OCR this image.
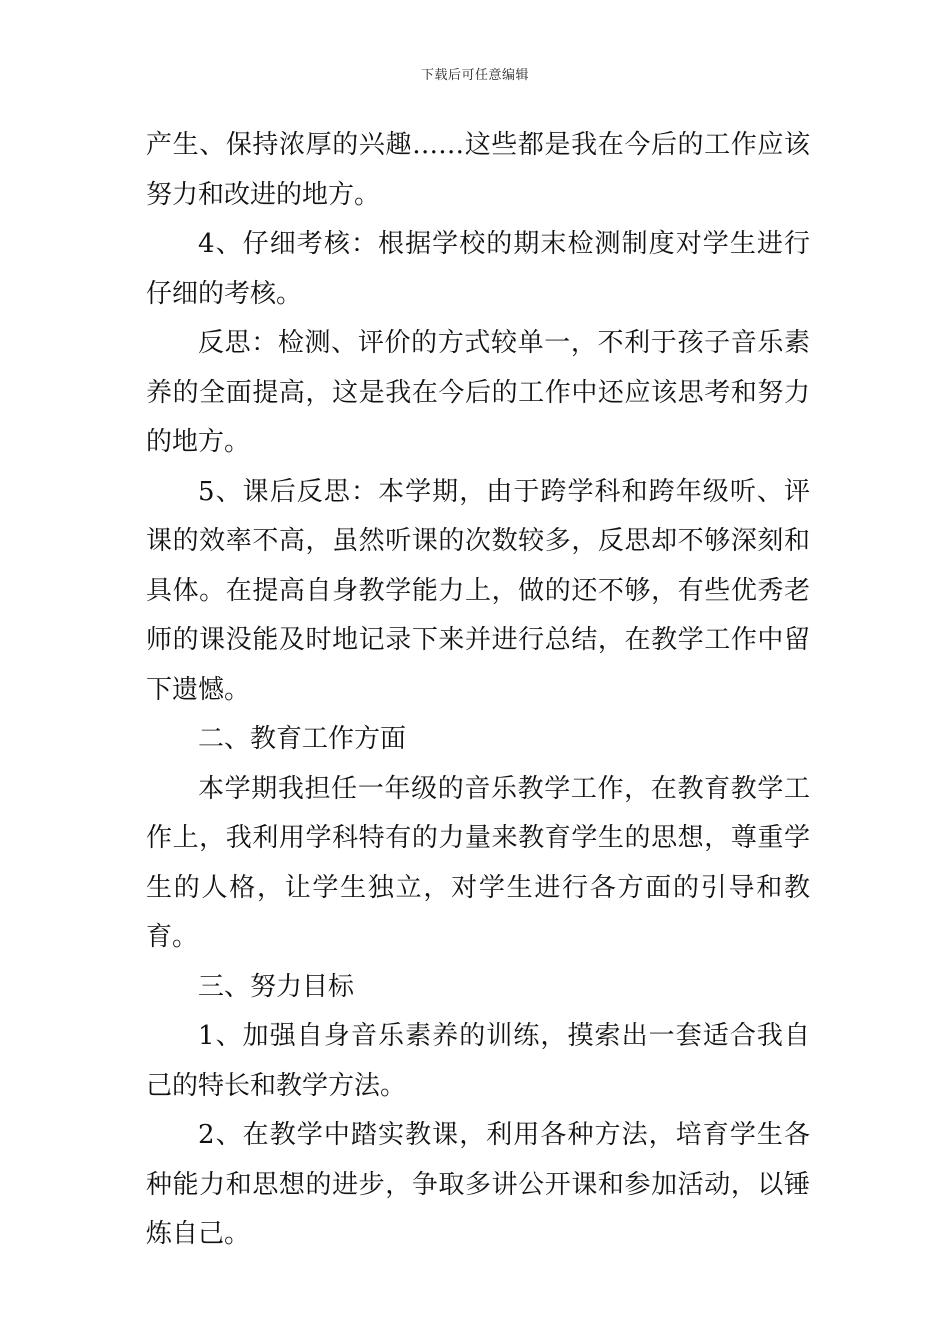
下载后可任意编辑

产生、保持浓厚的兴趣……这些都是我在今后的工作应该努力和改进的地方。

4、仔细考核：根据学校的期末检测制度对学生进行仔细的考核。

反思：检测、评价的方式较单一，不利于孩子音乐素养的全面提高，这是我在今后的工作中还应该思考和努力的地方。

5、课后反思：本学期，由于跨学科和跨年级听、评课的效率不高，虽然听课的次数较多，反思却不够深刻和具体。在提高自身教学能力上，做的还不够，有些优秀老师的课没能及时地记录下来并进行总结，在教学工作中留下遗憾。

二、教育工作方面

本学期我担任一年级的音乐教学工作，在教育教学工作上，我利用学科特有的力量来教育学生的思想，尊重学生的人格，让学生独立，对学生进行各方面的引导和教育。

三、努力目标

1、加强自身音乐素养的训练，摸索出一套适合我自己的特长和教学方法。

2、在教学中踏实教课，利用各种方法，培育学生各种能力和思想的进步，争取多讲公开课和参加活动，以锤炼自己。
